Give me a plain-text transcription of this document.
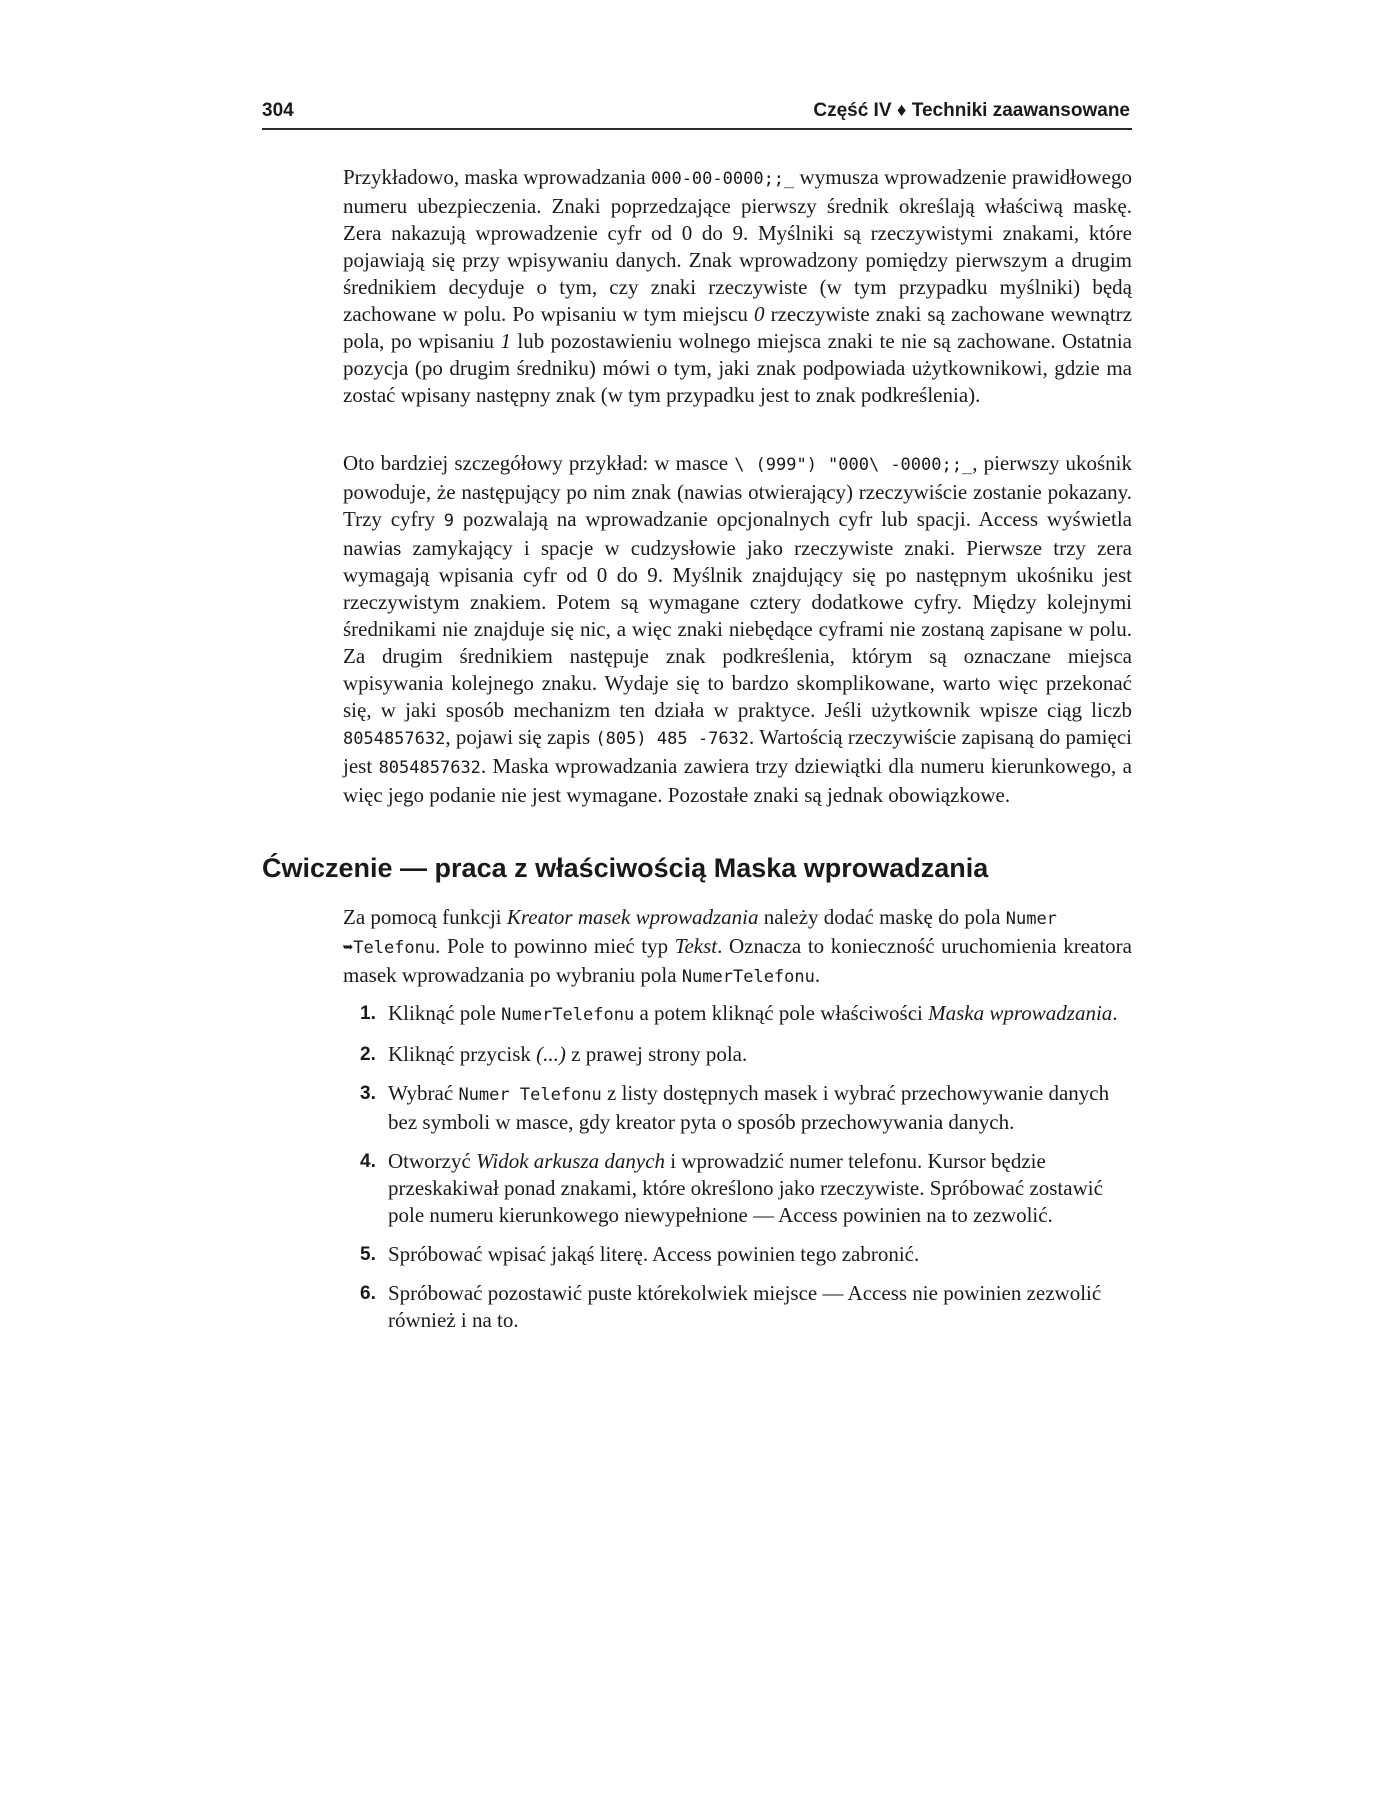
304	Część IV ♦ Techniki zaawansowane

Przykładowo, maska wprowadzania 000-00-0000;;_ wymusza wprowadzenie prawidłowego numeru ubezpieczenia. Znaki poprzedzające pierwszy średnik określają właściwą maskę. Zera nakazują wprowadzenie cyfr od 0 do 9. Myślniki są rzeczywistymi znakami, które pojawiają się przy wpisywaniu danych. Znak wprowadzony pomiędzy pierwszym a drugim średnikiem decyduje o tym, czy znaki rzeczywiste (w tym przypadku myślniki) będą zachowane w polu. Po wpisaniu w tym miejscu 0 rzeczywiste znaki są zachowane wewnątrz pola, po wpisaniu 1 lub pozostawieniu wolnego miejsca znaki te nie są zachowane. Ostatnia pozycja (po drugim średniku) mówi o tym, jaki znak podpowiada użytkownikowi, gdzie ma zostać wpisany następny znak (w tym przypadku jest to znak podkreślenia).

Oto bardziej szczegółowy przykład: w masce \ (999") "000\ -0000;;_, pierwszy ukośnik powoduje, że następujący po nim znak (nawias otwierający) rzeczywiście zostanie pokazany. Trzy cyfry 9 pozwalają na wprowadzanie opcjonalnych cyfr lub spacji. Access wyświetla nawias zamykający i spacje w cudzysłowie jako rzeczywiste znaki. Pierwsze trzy zera wymagają wpisania cyfr od 0 do 9. Myślnik znajdujący się po następnym ukośniku jest rzeczywistym znakiem. Potem są wymagane cztery dodatkowe cyfry. Między kolejnymi średnikami nie znajduje się nic, a więc znaki niebędące cyframi nie zostaną zapisane w polu. Za drugim średnikiem następuje znak podkreślenia, którym są oznaczane miejsca wpisywania kolejnego znaku. Wydaje się to bardzo skomplikowane, warto więc przekonać się, w jaki sposób mechanizm ten działa w praktyce. Jeśli użytkownik wpisze ciąg liczb 8054857632, pojawi się zapis (805) 485 -7632. Wartością rzeczywiście zapisaną do pamięci jest 8054857632. Maska wprowadzania zawiera trzy dziewiątki dla numeru kierunkowego, a więc jego podanie nie jest wymagane. Pozostałe znaki są jednak obowiązkowe.

Ćwiczenie — praca z właściwością Maska wprowadzania

Za pomocą funkcji Kreator masek wprowadzania należy dodać maskę do pola Numer
➥Telefonu. Pole to powinno mieć typ Tekst. Oznacza to konieczność uruchomienia kreatora masek wprowadzania po wybraniu pola NumerTelefonu.

1. Kliknąć pole NumerTelefonu a potem kliknąć pole właściwości Maska wprowadzania.
2. Kliknąć przycisk (...) z prawej strony pola.
3. Wybrać Numer Telefonu z listy dostępnych masek i wybrać przechowywanie danych bez symboli w masce, gdy kreator pyta o sposób przechowywania danych.
4. Otworzyć Widok arkusza danych i wprowadzić numer telefonu. Kursor będzie przeskakiwał ponad znakami, które określono jako rzeczywiste. Spróbować zostawić pole numeru kierunkowego niewypełnione — Access powinien na to zezwolić.
5. Spróbować wpisać jakąś literę. Access powinien tego zabronić.
6. Spróbować pozostawić puste którekolwiek miejsce — Access nie powinien zezwolić również i na to.
